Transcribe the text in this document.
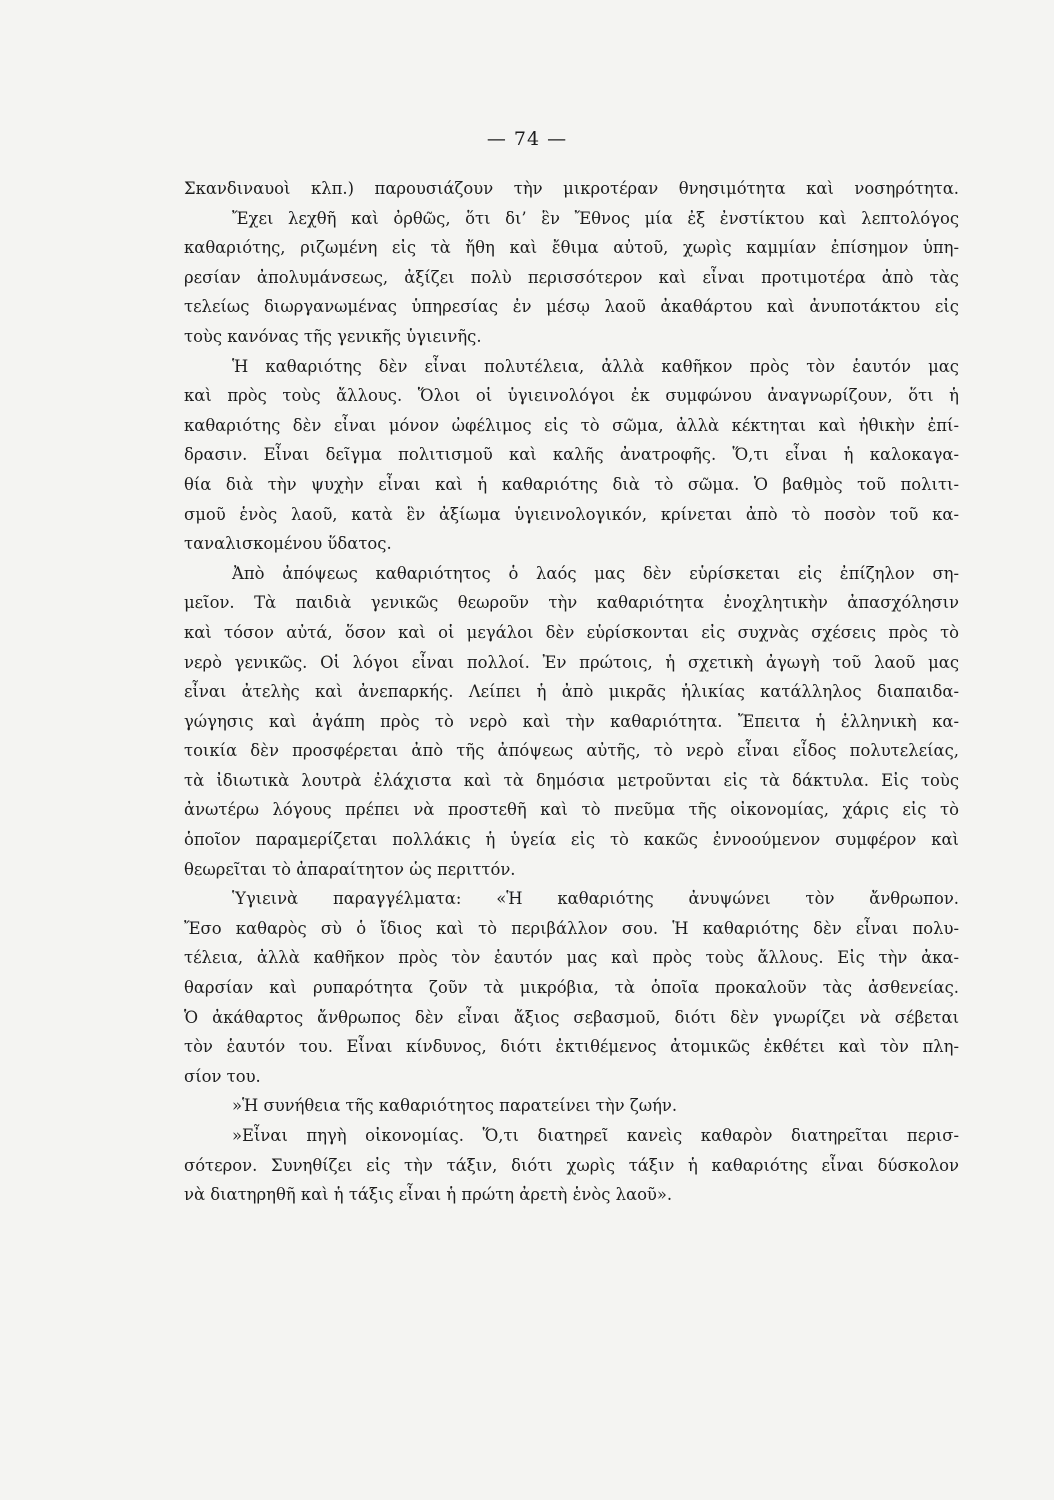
— 74 —
Σκανδιναυοὶ κλπ.) παρουσιάζουν τὴν μικροτέραν θνησιμότητα καὶ νοσηρότητα.
Ἔχει λεχθῆ καὶ ὀρθῶς, ὅτι δι’ ἓν Ἔθνος μία ἐξ ἐνστίκτου καὶ λεπτολόγος
καθαριότης, ριζωμένη εἰς τὰ ἤθη καὶ ἔθιμα αὐτοῦ, χωρὶς καμμίαν ἐπίσημον ὑπη-
ρεσίαν ἀπολυμάνσεως, ἀξίζει πολὺ περισσότερον καὶ εἶναι προτιμοτέρα ἀπὸ τὰς
τελείως διωργανωμένας ὑπηρεσίας ἐν μέσῳ λαοῦ ἀκαθάρτου καὶ ἀνυποτάκτου εἰς
τοὺς κανόνας τῆς γενικῆς ὑγιεινῆς.
Ἡ καθαριότης δὲν εἶναι πολυτέλεια, ἀλλὰ καθῆκον πρὸς τὸν ἑαυτόν μας
καὶ πρὸς τοὺς ἄλλους. Ὅλοι οἱ ὑγιεινολόγοι ἐκ συμφώνου ἀναγνωρίζουν, ὅτι ἡ
καθαριότης δὲν εἶναι μόνον ὠφέλιμος εἰς τὸ σῶμα, ἀλλὰ κέκτηται καὶ ἠθικὴν ἐπί-
δρασιν. Εἶναι δεῖγμα πολιτισμοῦ καὶ καλῆς ἀνατροφῆς. Ὅ,τι εἶναι ἡ καλοκαγα-
θία διὰ τὴν ψυχὴν εἶναι καὶ ἡ καθαριότης διὰ τὸ σῶμα. Ὁ βαθμὸς τοῦ πολιτι-
σμοῦ ἑνὸς λαοῦ, κατὰ ἓν ἀξίωμα ὑγιεινολογικόν, κρίνεται ἀπὸ τὸ ποσὸν τοῦ κα-
ταναλισκομένου ὕδατος.
Ἀπὸ ἀπόψεως καθαριότητος ὁ λαός μας δὲν εὑρίσκεται εἰς ἐπίζηλον ση-
μεῖον. Τὰ παιδιὰ γενικῶς θεωροῦν τὴν καθαριότητα ἐνοχλητικὴν ἀπασχόλησιν
καὶ τόσον αὐτά, ὅσον καὶ οἱ μεγάλοι δὲν εὑρίσκονται εἰς συχνὰς σχέσεις πρὸς τὸ
νερὸ γενικῶς. Οἱ λόγοι εἶναι πολλοί. Ἐν πρώτοις, ἡ σχετικὴ ἀγωγὴ τοῦ λαοῦ μας
εἶναι ἀτελὴς καὶ ἀνεπαρκής. Λείπει ἡ ἀπὸ μικρᾶς ἡλικίας κατάλληλος διαπαιδα-
γώγησις καὶ ἀγάπη πρὸς τὸ νερὸ καὶ τὴν καθαριότητα. Ἔπειτα ἡ ἑλληνικὴ κα-
τοικία δὲν προσφέρεται ἀπὸ τῆς ἀπόψεως αὐτῆς, τὸ νερὸ εἶναι εἶδος πολυτελείας,
τὰ ἰδιωτικὰ λουτρὰ ἐλάχιστα καὶ τὰ δημόσια μετροῦνται εἰς τὰ δάκτυλα. Εἰς τοὺς
ἀνωτέρω λόγους πρέπει νὰ προστεθῆ καὶ τὸ πνεῦμα τῆς οἰκονομίας, χάρις εἰς τὸ
ὁποῖον παραμερίζεται πολλάκις ἡ ὑγεία εἰς τὸ κακῶς ἐννοούμενον συμφέρον καὶ
θεωρεῖται τὸ ἀπαραίτητον ὡς περιττόν.
Ὑγιεινὰ παραγγέλματα: «Ἡ καθαριότης ἀνυψώνει τὸν ἄνθρωπον.
Ἔσο καθαρὸς σὺ ὁ ἴδιος καὶ τὸ περιβάλλον σου. Ἡ καθαριότης δὲν εἶναι πολυ-
τέλεια, ἀλλὰ καθῆκον πρὸς τὸν ἑαυτόν μας καὶ πρὸς τοὺς ἄλλους. Εἰς τὴν ἀκα-
θαρσίαν καὶ ρυπαρότητα ζοῦν τὰ μικρόβια, τὰ ὁποῖα προκαλοῦν τὰς ἀσθενείας.
Ὁ ἀκάθαρτος ἄνθρωπος δὲν εἶναι ἄξιος σεβασμοῦ, διότι δὲν γνωρίζει νὰ σέβεται
τὸν ἑαυτόν του. Εἶναι κίνδυνος, διότι ἐκτιθέμενος ἀτομικῶς ἐκθέτει καὶ τὸν πλη-
σίον του.
»Ἡ συνήθεια τῆς καθαριότητος παρατείνει τὴν ζωήν.
»Εἶναι πηγὴ οἰκονομίας. Ὅ,τι διατηρεῖ κανεὶς καθαρὸν διατηρεῖται περισ-
σότερον. Συνηθίζει εἰς τὴν τάξιν, διότι χωρὶς τάξιν ἡ καθαριότης εἶναι δύσκολον
νὰ διατηρηθῆ καὶ ἡ τάξις εἶναι ἡ πρώτη ἀρετὴ ἑνὸς λαοῦ».
